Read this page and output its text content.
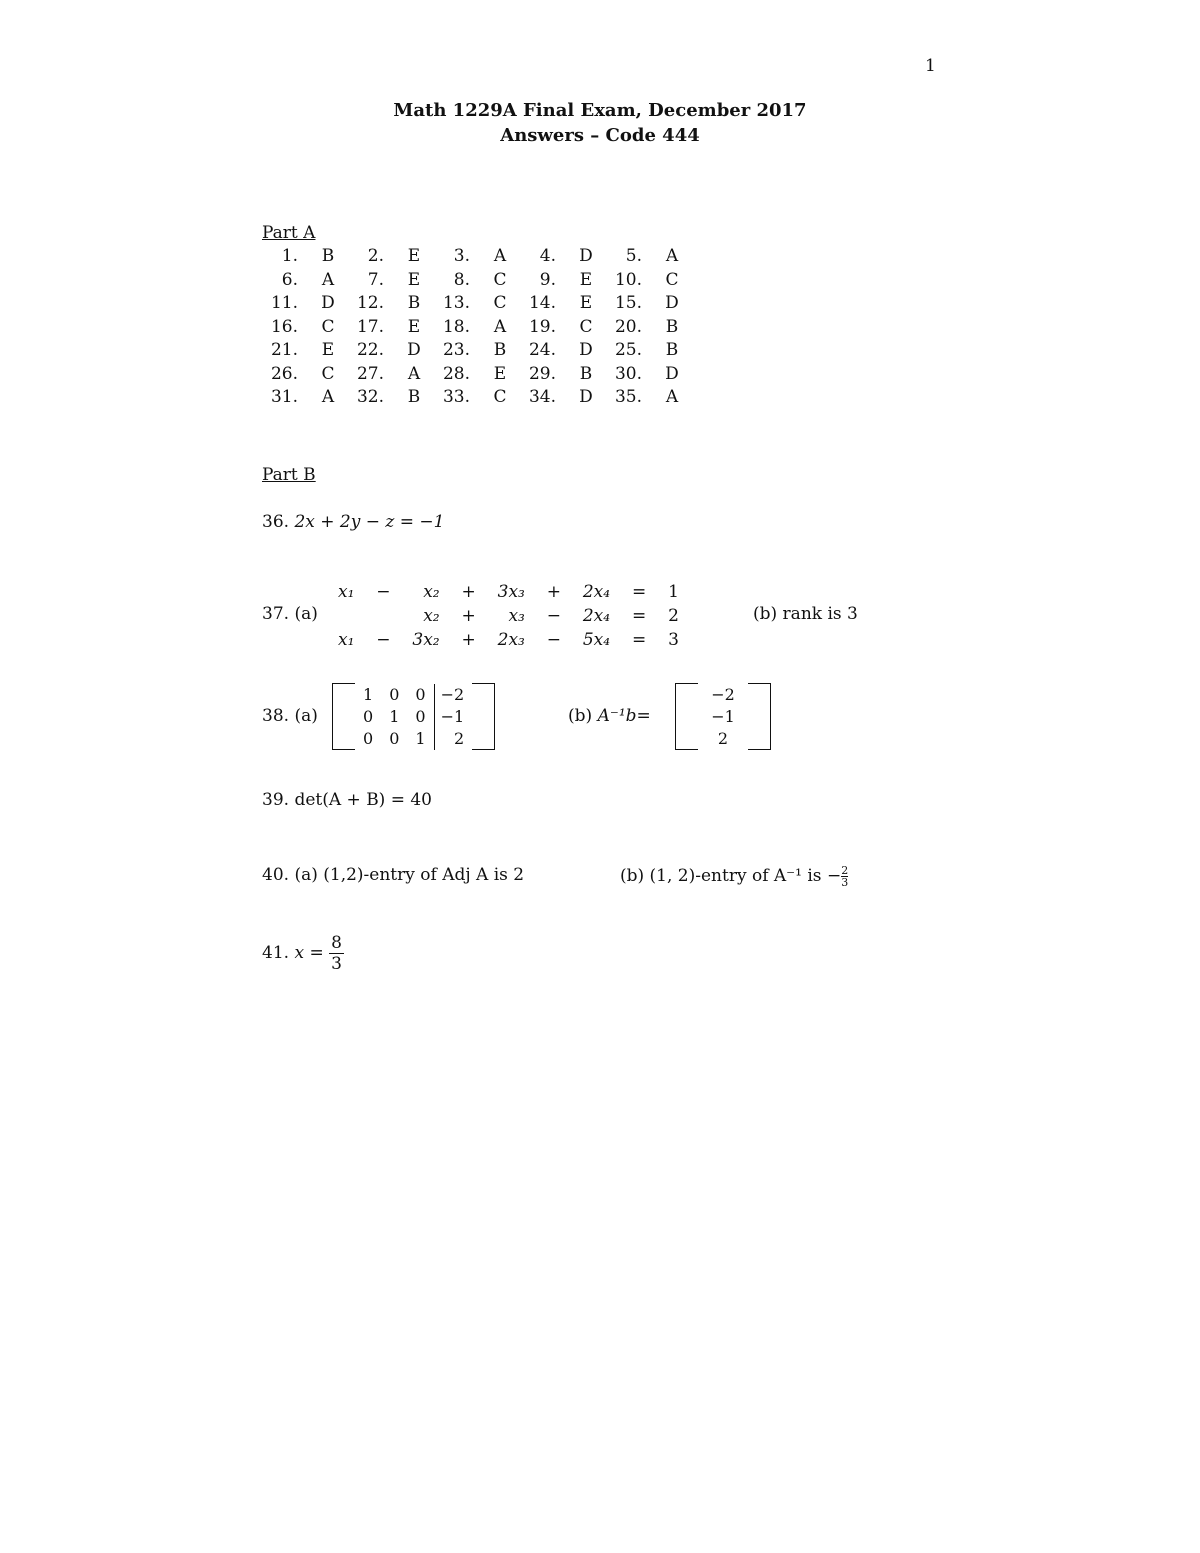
1
Math 1229A Final Exam, December 2017
Answers – Code 444
Part A
1.	B	2.	E	3.	A	4.	D	5.	A
6.	A	7.	E	8.	C	9.	E	10.	C
11.	D	12.	B	13.	C	14.	E	15.	D
16.	C	17.	E	18.	A	19.	C	20.	B
21.	E	22.	D	23.	B	24.	D	25.	B
26.	C	27.	A	28.	E	29.	B	30.	D
31.	A	32.	B	33.	C	34.	D	35.	A
Part B
36. 2x + 2y − z = −1
37. (a)
x₁	−	x₂	+	3x₃	+	2x₄	=	1
		x₂	+	x₃	−	2x₄	=	2
x₁	−	3x₂	+	2x₃	−	5x₄	=	3
(b) rank is 3
38. (a)
	1	0	0	−2	
	0	1	0	−1	
	0	0	1	2	
(b) A⁻¹b=
	−2	
−1
2
39. det(A + B) = 40
40. (a) (1,2)-entry of Adj A is 2	(b) (1, 2)-entry of A⁻¹ is − $\frac{2}{3}$
41. $x = \frac{8}{3}$
